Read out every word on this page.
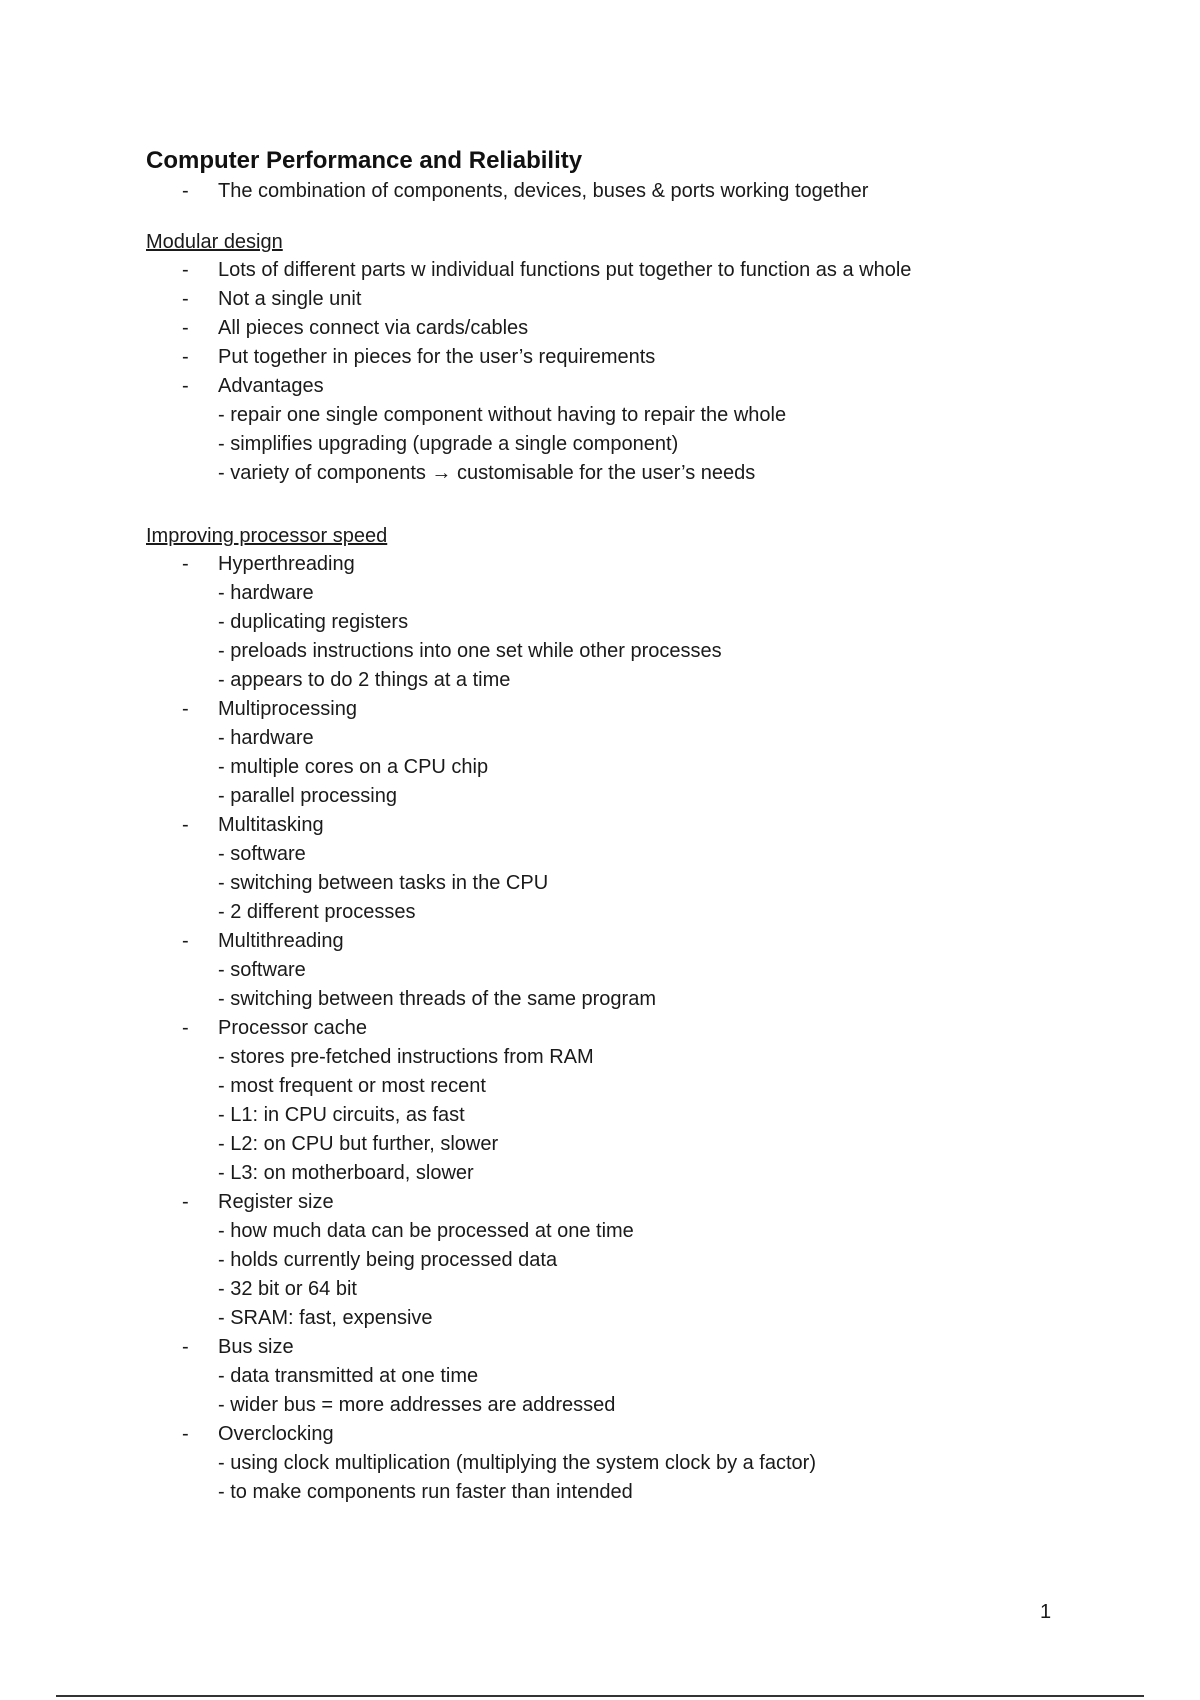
Computer Performance and Reliability
- The combination of components, devices, buses & ports working together
Modular design
- Lots of different parts w individual functions put together to function as a whole
- Not a single unit
- All pieces connect via cards/cables
- Put together in pieces for the user’s requirements
- Advantages
- repair one single component without having to repair the whole
- simplifies upgrading (upgrade a single component)
- variety of components → customisable for the user’s needs
Improving processor speed
- Hyperthreading
- hardware
- duplicating registers
- preloads instructions into one set while other processes
- appears to do 2 things at a time
- Multiprocessing
- hardware
- multiple cores on a CPU chip
- parallel processing
- Multitasking
- software
- switching between tasks in the CPU
- 2 different processes
- Multithreading
- software
- switching between threads of the same program
- Processor cache
- stores pre-fetched instructions from RAM
- most frequent or most recent
- L1: in CPU circuits, as fast
- L2: on CPU but further, slower
- L3: on motherboard, slower
- Register size
- how much data can be processed at one time
- holds currently being processed data
- 32 bit or 64 bit
- SRAM: fast, expensive
- Bus size
- data transmitted at one time
- wider bus = more addresses are addressed
- Overclocking
- using clock multiplication (multiplying the system clock by a factor)
- to make components run faster than intended
1
